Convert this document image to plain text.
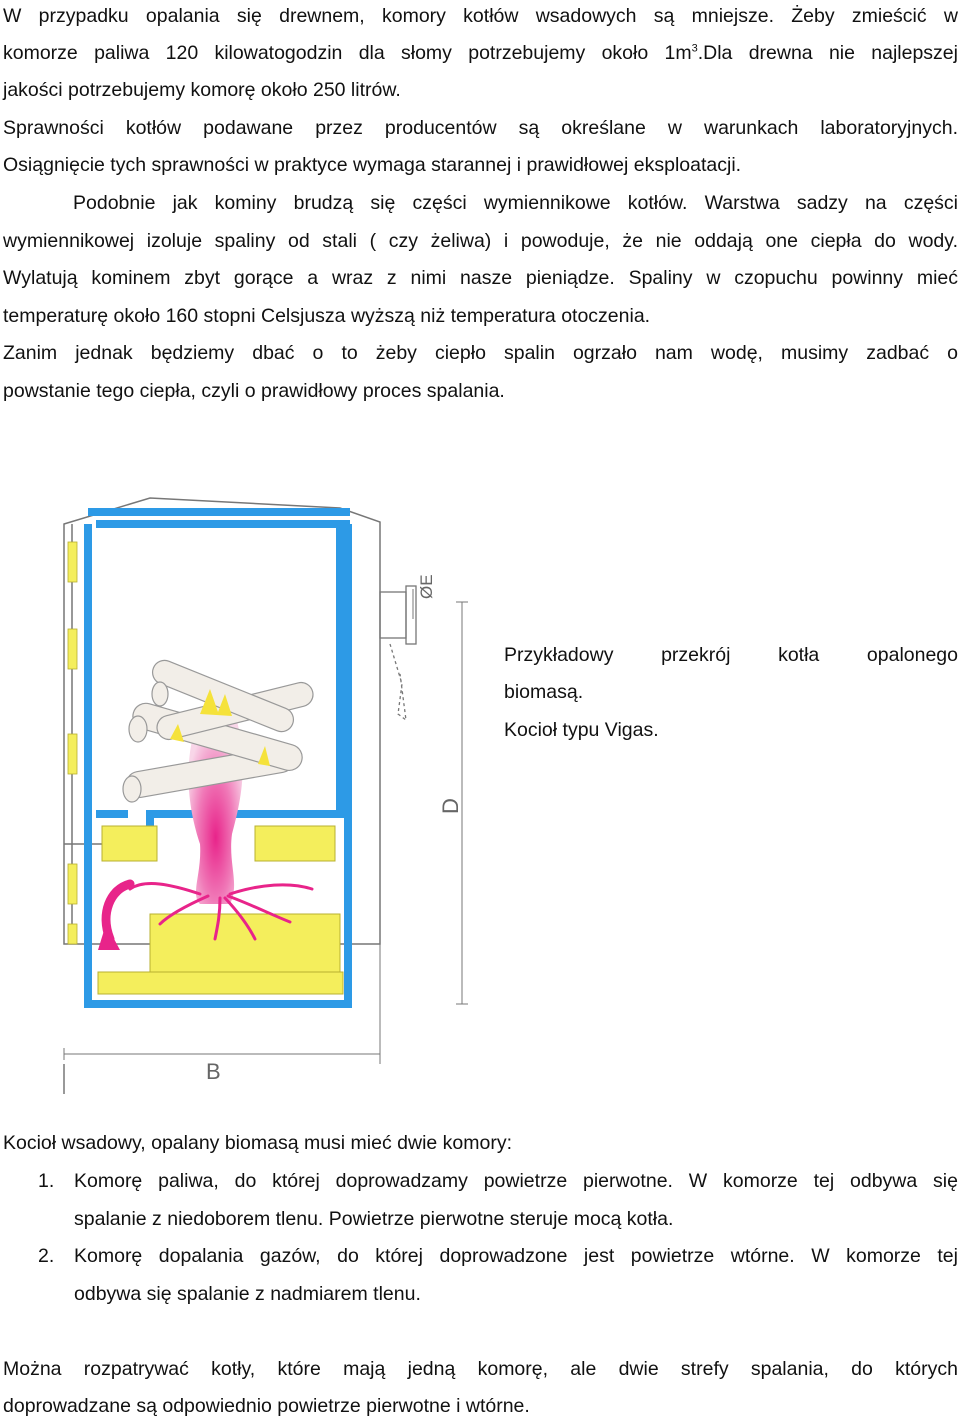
W przypadku opalania się drewnem, komory kotłów wsadowych są mniejsze. Żeby zmieścić w
komorze paliwa 120 kilowatogodzin dla słomy potrzebujemy około $1m^3.Dla$ drewna nie najlepszej
jakości potrzebujemy komorę około 250 litrów.
Sprawności kotłów podawane przez producentów są określane w warunkach laboratoryjnych.
Osiągnięcie tych sprawności w praktyce wymaga starannej i prawidłowej eksploatacji.
Podobnie jak kominy brudzą się części wymiennikowe kotłów. Warstwa sadzy na części
wymiennikowej izoluje spaliny od stali ( czy żeliwa) i powoduje, że nie oddają one ciepła do wody.
Wylatują kominem zbyt gorące a wraz z nimi nasze pieniądze. Spaliny w czopuchu powinny mieć
temperaturę około 160 stopni Celsjusza wyższą niż temperatura otoczenia.
Zanim jednak będziemy dbać o to żeby ciepło spalin ogrzało nam wodę, musimy zadbać o
powstanie tego ciepła, czyli o prawidłowy proces spalania.
ØE
D
B
Przykładowy przekrój kotła opalonego
biomasą.
Kocioł typu Vigas.
Kocioł wsadowy, opalany biomasą musi mieć dwie komory:
1.	Komorę paliwa, do której doprowadzamy powietrze pierwotne. W komorze tej odbywa się
spalanie z niedoborem tlenu. Powietrze pierwotne steruje mocą kotła.
2.	Komorę dopalania gazów, do której doprowadzone jest powietrze wtórne. W komorze tej
odbywa się spalanie z nadmiarem tlenu.
Można rozpatrywać kotły, które mają jedną komorę, ale dwie strefy spalania, do których
doprowadzane są odpowiednio powietrze pierwotne i wtórne.
